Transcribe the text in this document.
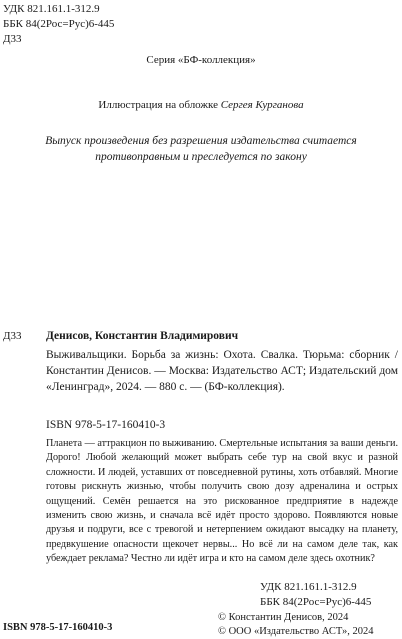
УДК 821.161.1-312.9
ББК 84(2Рос=Рус)6-445
Д33
Серия «БФ-коллекция»
Иллюстрация на обложке Сергея Курганова
Выпуск произведения без разрешения издательства считается противоправным и преследуется по закону
Д33 Денисов, Константин Владимирович
Выживальщики. Борьба за жизнь: Охота. Свалка. Тюрьма: сборник / Константин Денисов. — Москва: Издательство АСТ; Издательский дом «Ленинград», 2024. — 880 с. — (БФ-коллекция).
ISBN 978-5-17-160410-3
Планета — аттракцион по выживанию. Смертельные испытания за ваши деньги. Дорого! Любой желающий может выбрать себе тур на свой вкус и разной сложности. И людей, уставших от повседневной рутины, хоть отбавляй. Многие готовы рискнуть жизнью, чтобы получить свою дозу адреналина и острых ощущений. Семён решается на это рискованное предприятие в надежде изменить свою жизнь, и сначала всё идёт просто здорово. Появляются новые друзья и подруги, все с тревогой и нетерпением ожидают высадку на планету, предвкушение опасности щекочет нервы... Но всё ли на самом деле так, как убеждает реклама? Честно ли идёт игра и кто на самом деле здесь охотник?
УДК 821.161.1-312.9
ББК 84(2Рос=Рус)6-445
ISBN 978-5-17-160410-3
© Константин Денисов, 2024
© ООО «Издательство АСТ», 2024
